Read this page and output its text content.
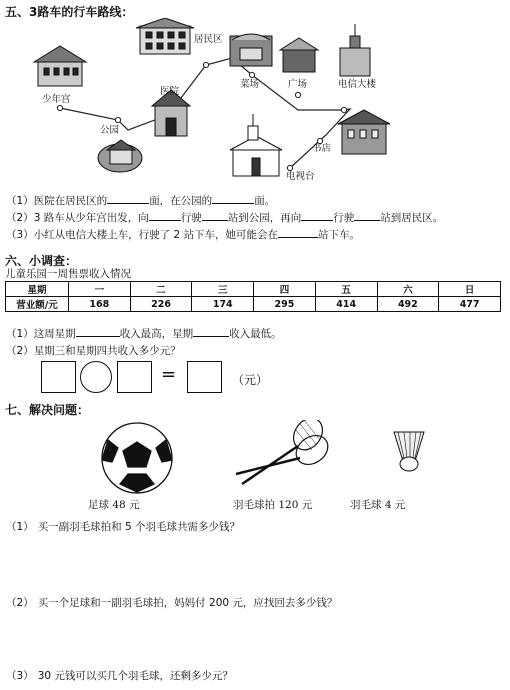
五、3路车的行车路线：
少年宫
公园
医院
居民区
菜场	广场	电信大楼
书店
电视台
（1）医院在居民区的	面，在公园的	面。
（2）3 路车从少年宫出发，向	行驶 站到公园，再向	行驶 站到居民区。
（3）小红从电信大楼上车，行驶了 2 站下车，她可能会在	站下车。
六、小调查：
儿童乐园一周售票收入情况
星期	一	二	三	四	五	六	日
营业额/元	168	226	174	295	414	492	477
（1）这周星期	收入最高，星期	收入最低。
（2）星期三和星期四共收入多少元？
=	（元）
七、解决问题：
足球 48 元	羽毛球拍 120 元	羽毛球 4 元
（1） 买一副羽毛球拍和 5 个羽毛球共需多少钱？
（2） 买一个足球和一副羽毛球拍，妈妈付 200 元，应找回去多少钱？
（3） 30 元钱可以买几个羽毛球，还剩多少元？
